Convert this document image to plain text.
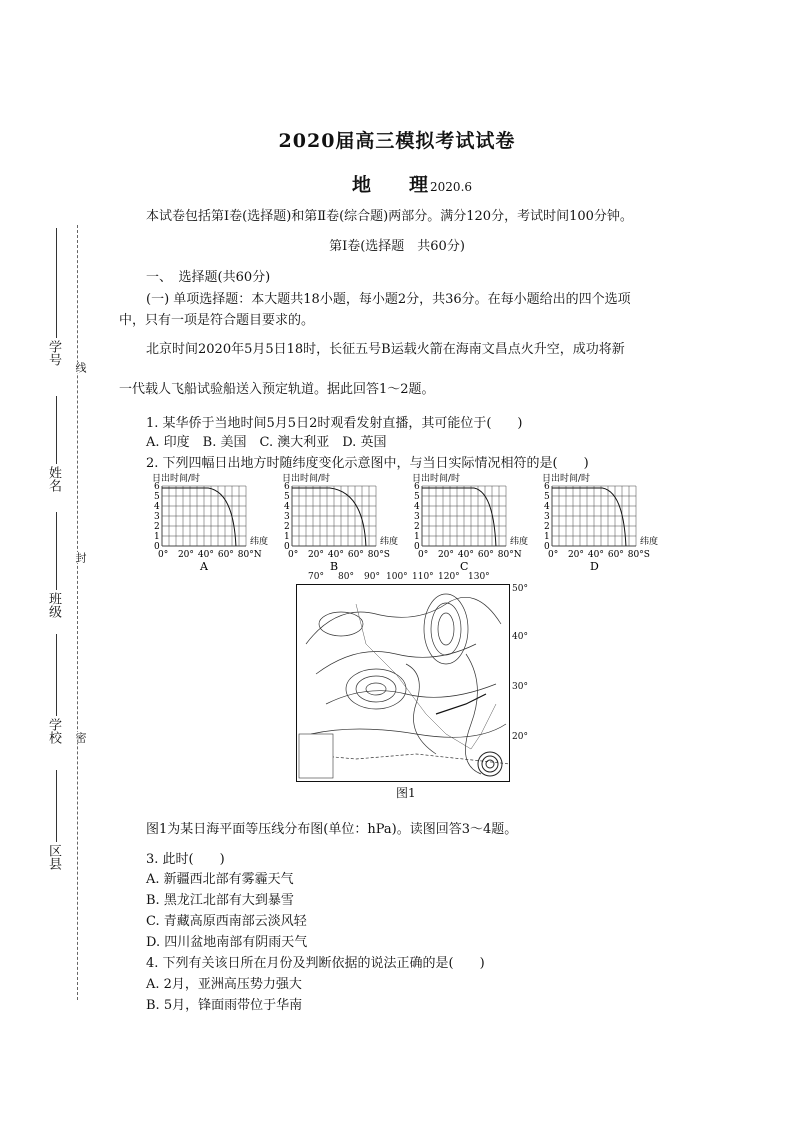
学号
姓名
班级
学校
区县
线
封
密
2020届高三模拟考试试卷
地 理 2020.6
本试卷包括第Ⅰ卷(选择题)和第Ⅱ卷(综合题)两部分。满分120分，考试时间100分钟。
第Ⅰ卷(选择题　共60分)
一、　选择题(共60分)
(一) 单项选择题：本大题共18小题，每小题2分，共36分。在每小题给出的四个选项
中，只有一项是符合题目要求的。
北京时间2020年5月5日18时，长征五号B运载火箭在海南文昌点火升空，成功将新
一代载人飞船试验船送入预定轨道。据此回答1～2题。
1. 某华侨于当地时间5月5日2时观看发射直播，其可能位于(　　)
A. 印度　B. 美国　C. 澳大利亚　D. 英国
2. 下列四幅日出地方时随纬度变化示意图中，与当日实际情况相符的是(　　)
日出时间/时
0
1
2
3
4
5
6
0° 20° 40° 60° 80°N
纬度
A
日出时间/时
0
1
2
3
4
5
6
0° 20° 40° 60° 80°S
纬度
B
日出时间/时
0
1
2
3
4
5
6
0° 20° 40° 60° 80°N
纬度
C
日出时间/时
0
1
2
3
4
5
6
0° 20° 40° 60° 80°S
纬度
D
70° 80° 90° 100° 110° 120° 130°
50°
40°
30°
20°
图1
图1为某日海平面等压线分布图(单位：hPa)。读图回答3～4题。
3. 此时(　　)
A. 新疆西北部有雾霾天气
B. 黑龙江北部有大到暴雪
C. 青藏高原西南部云淡风轻
D. 四川盆地南部有阴雨天气
4. 下列有关该日所在月份及判断依据的说法正确的是(　　)
A. 2月，亚洲高压势力强大
B. 5月，锋面雨带位于华南
